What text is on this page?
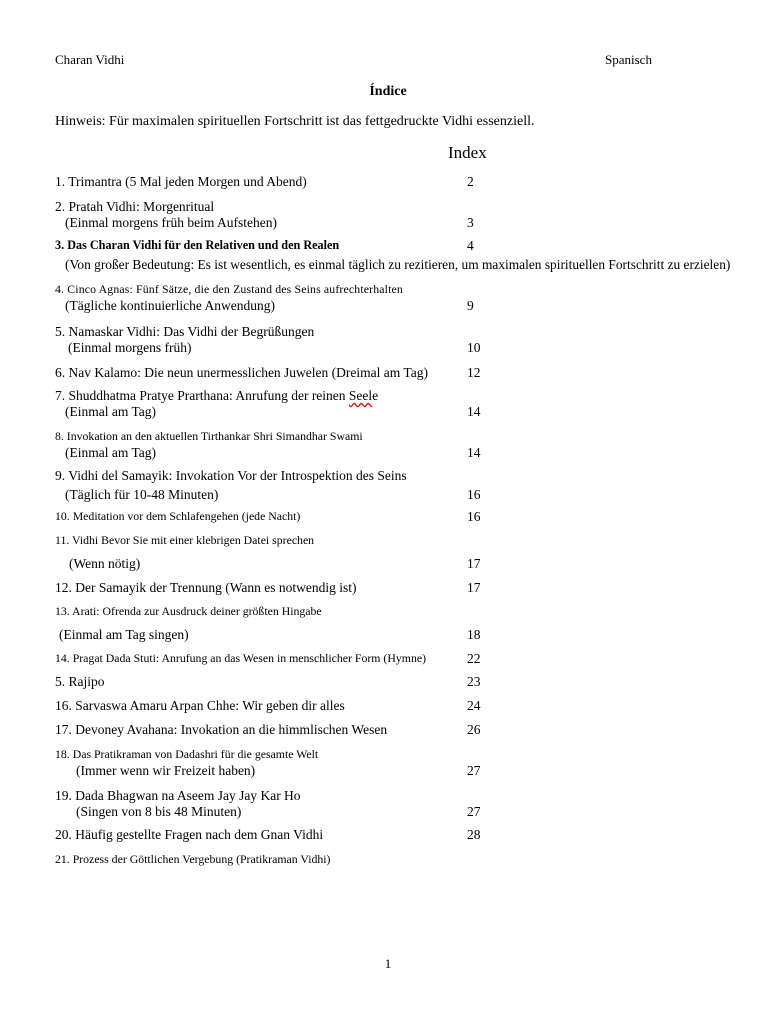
Charan Vidhi	Spanisch
Índice
Hinweis: Für maximalen spirituellen Fortschritt ist das fettgedruckte Vidhi essenziell.
Index
1. Trimantra (5 Mal jeden Morgen und Abend)	2
2. Pratah Vidhi: Morgenritual
(Einmal morgens früh beim Aufstehen)	3
3. Das Charan Vidhi für den Relativen und den Realen	4
(Von großer Bedeutung: Es ist wesentlich, es einmal täglich zu rezitieren, um maximalen spirituellen Fortschritt zu erzielen)
4. Cinco Agnas: Fünf Sätze, die den Zustand des Seins aufrechterhalten
(Tägliche kontinuierliche Anwendung)	9
5. Namaskar Vidhi: Das Vidhi der Begrüßungen
(Einmal morgens früh)	10
6. Nav Kalamo: Die neun unermesslichen Juwelen (Dreimal am Tag)	12
7. Shuddhatma Pratye Prarthana: Anrufung der reinen Seele
(Einmal am Tag)	14
8. Invokation an den aktuellen Tirthankar Shri Simandhar Swami
(Einmal am Tag)	14
9. Vidhi del Samayik: Invokation Vor der Introspektion des Seins
(Täglich für 10-48 Minuten)	16
10. Meditation vor dem Schlafengehen (jede Nacht)	16
11. Vidhi Bevor Sie mit einer klebrigen Datei sprechen
(Wenn nötig)	17
12. Der Samayik der Trennung (Wann es notwendig ist)	17
13. Arati: Ofrenda zur Ausdruck deiner größten Hingabe
(Einmal am Tag singen)	18
14. Pragat Dada Stuti: Anrufung an das Wesen in menschlicher Form (Hymne)	22
5. Rajipo	23
16. Sarvaswa Amaru Arpan Chhe: Wir geben dir alles	24
17. Devoney Avahana: Invokation an die himmlischen Wesen	26
18. Das Pratikraman von Dadashri für die gesamte Welt
(Immer wenn wir Freizeit haben)	27
19. Dada Bhagwan na Aseem Jay Jay Kar Ho
(Singen von 8 bis 48 Minuten)	27
20. Häufig gestellte Fragen nach dem Gnan Vidhi	28
21. Prozess der Göttlichen Vergebung (Pratikraman Vidhi)
1
